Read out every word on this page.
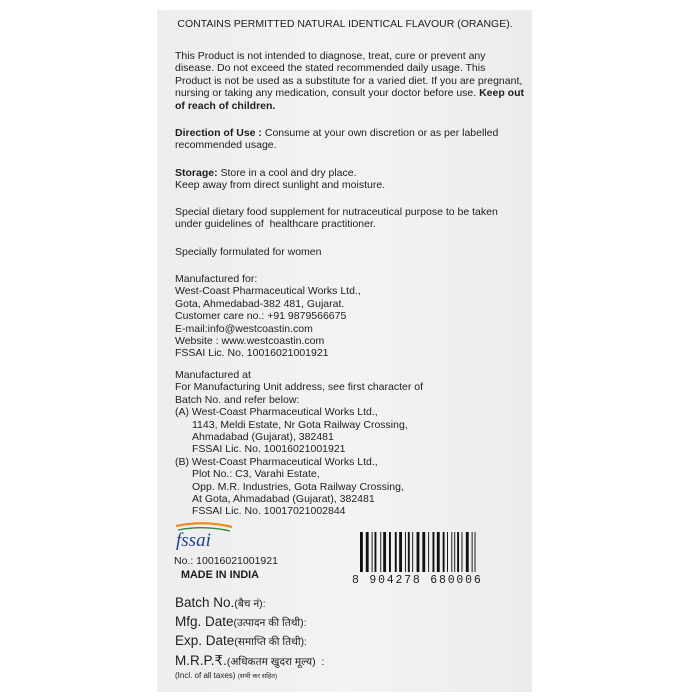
CONTAINS PERMITTED NATURAL IDENTICAL FLAVOUR (ORANGE).
This Product is not intended to diagnose, treat, cure or prevent any
disease. Do not exceed the stated recommended daily usage. This
Product is not be used as a substitute for a varied diet. If you are pregnant,
nursing or taking any medication, consult your doctor before use. Keep out
of reach of children.
Direction of Use : Consume at your own discretion or as per labelled
recommended usage.
Storage: Store in a cool and dry place.
Keep away from direct sunlight and moisture.
Special dietary food supplement for nutraceutical purpose to be taken
under guidelines of  healthcare practitioner.
Specially formulated for women
Manufactured for:
West-Coast Pharmaceutical Works Ltd.,
Gota, Ahmedabad-382 481, Gujarat.
Customer care no.: +91 9879566675
E-mail:info@westcoastin.com
Website : www.westcoastin.com
FSSAI Lic. No. 10016021001921
Manufactured at
For Manufacturing Unit address, see first character of
Batch No. and refer below:
(A) West-Coast Pharmaceutical Works Ltd.,
1143, Meldi Estate, Nr Gota Railway Crossing,
Ahmadabad (Gujarat), 382481
FSSAI Lic. No. 10016021001921
(B) West-Coast Pharmaceutical Works Ltd.,
Plot No.: C3, Varahi Estate,
Opp. M.R. Industries, Gota Railway Crossing,
At Gota, Ahmadabad (Gujarat), 382481
FSSAI Lic. No. 10017021002844
fssai
No.: 10016021001921
MADE IN INDIA	8 904278 680006
Batch No.(बैच नं):
Mfg. Date(उत्पादन की तिथी):
Exp. Date(समाप्ति की तिथी):
M.R.P.₹.(अधिकतम खुदरा मूल्य)  :
(Incl. of all taxes) (सभी कर सहित)
